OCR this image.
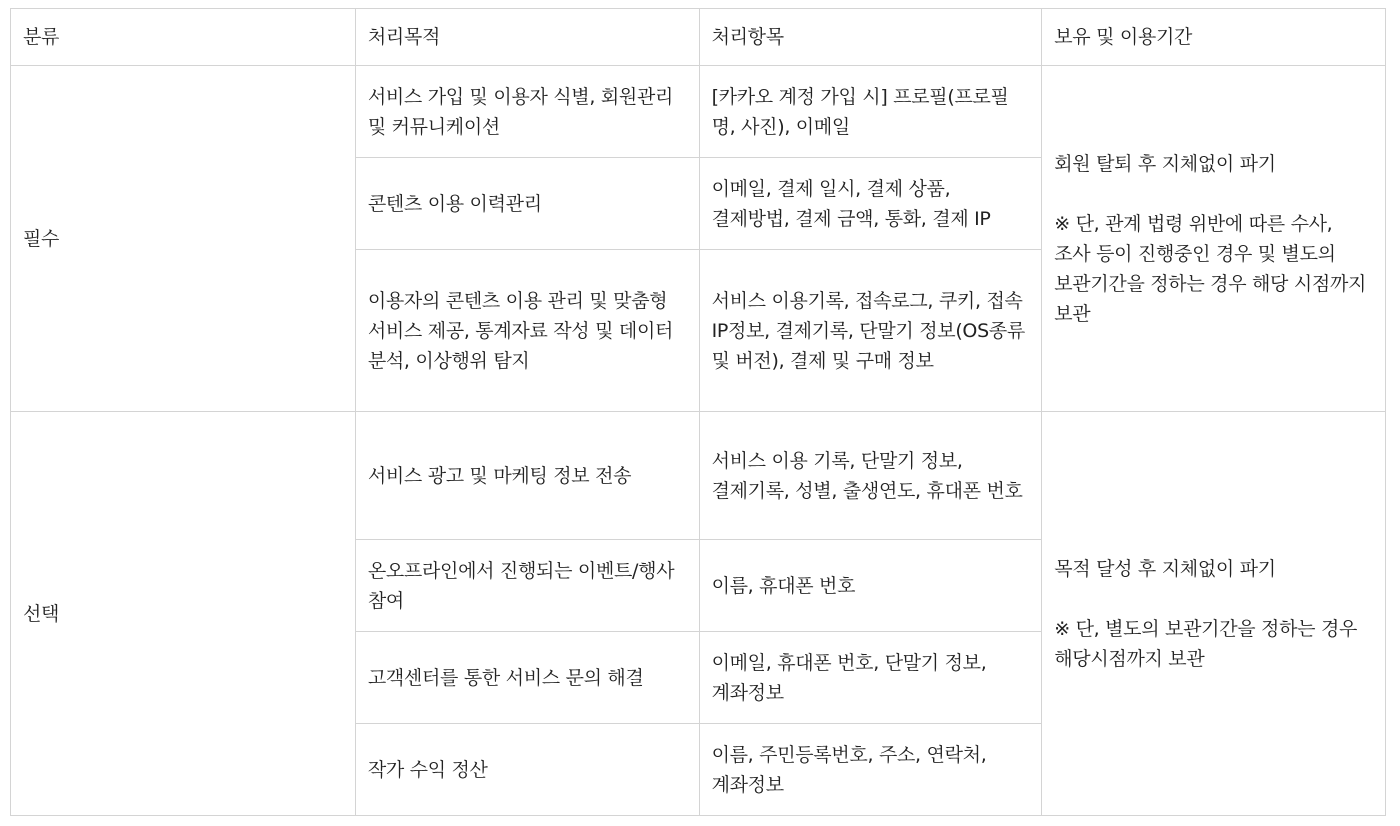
분류	처리목적	처리항목	보유 및 이용기간
필수	서비스 가입 및 이용자 식별, 회원관리 및 커뮤니케이션	[카카오 계정 가입 시] 프로필(프로필 명, 사진), 이메일	회원 탈퇴 후 지체없이 파기
※ 단, 관계 법령 위반에 따른 수사, 조사 등이 진행중인 경우 및 별도의 보관기간을 정하는 경우 해당 시점까지 보관

	콘텐츠 이용 이력관리	이메일, 결제 일시, 결제 상품, 결제방법, 결제 금액, 통화, 결제 IP	
	이용자의 콘텐츠 이용 관리 및 맞춤형 서비스 제공, 통계자료 작성 및 데이터 분석, 이상행위 탐지	서비스 이용기록, 접속로그, 쿠키, 접속 IP정보, 결제기록, 단말기 정보(OS종류 및 버전), 결제 및 구매 정보	
선택	서비스 광고 및 마케팅 정보 전송	서비스 이용 기록, 단말기 정보, 결제기록, 성별, 출생연도, 휴대폰 번호	목적 달성 후 지체없이 파기
※ 단, 별도의 보관기간을 정하는 경우 해당시점까지 보관

	온오프라인에서 진행되는 이벤트/행사 참여	이름, 휴대폰 번호	
	고객센터를 통한 서비스 문의 해결	이메일, 휴대폰 번호, 단말기 정보, 계좌정보	
	작가 수익 정산	이름, 주민등록번호, 주소, 연락처, 계좌정보	
